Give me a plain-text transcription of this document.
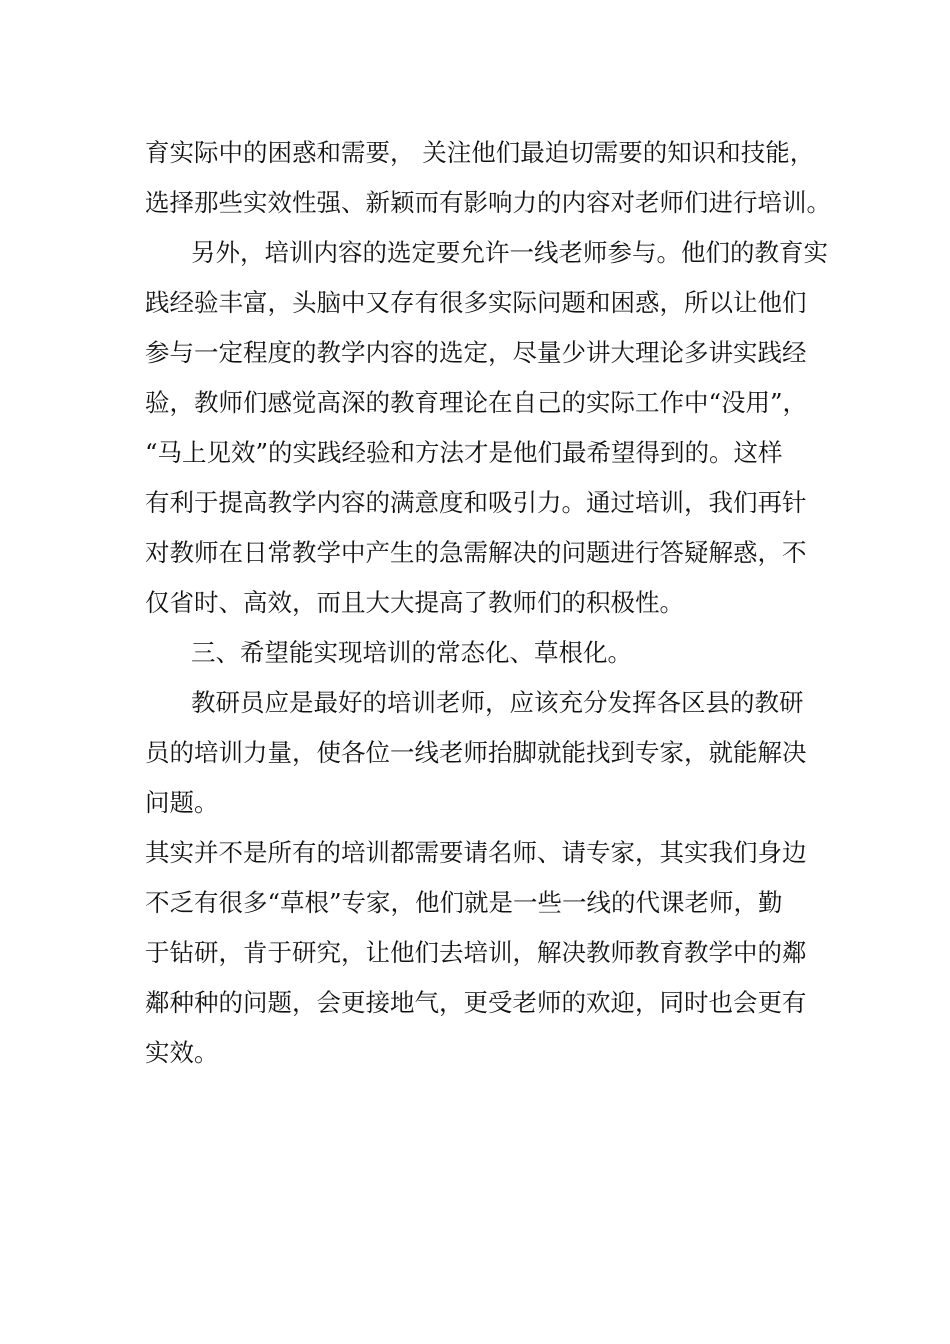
育实际中的困惑和需要， 关注他们最迫切需要的知识和技能，
选择那些实效性强、新颖而有影响力的内容对老师们进行培训。
另外，培训内容的选定要允许一线老师参与。他们的教育实
践经验丰富，头脑中又存有很多实际问题和困惑，所以让他们
参与一定程度的教学内容的选定，尽量少讲大理论多讲实践经
验，教师们感觉高深的教育理论在自己的实际工作中“没用”，
“马上见效”的实践经验和方法才是他们最希望得到的。这样
有利于提高教学内容的满意度和吸引力。通过培训，我们再针
对教师在日常教学中产生的急需解决的问题进行答疑解惑，不
仅省时、高效，而且大大提高了教师们的积极性。
三、希望能实现培训的常态化、草根化。
教研员应是最好的培训老师，应该充分发挥各区县的教研
员的培训力量，使各位一线老师抬脚就能找到专家，就能解决
问题。
其实并不是所有的培训都需要请名师、请专家，其实我们身边
不乏有很多“草根”专家，他们就是一些一线的代课老师，勤
于钻研，肯于研究，让他们去培训，解决教师教育教学中的鄰
鄰种种的问题，会更接地气，更受老师的欢迎，同时也会更有
实效。
